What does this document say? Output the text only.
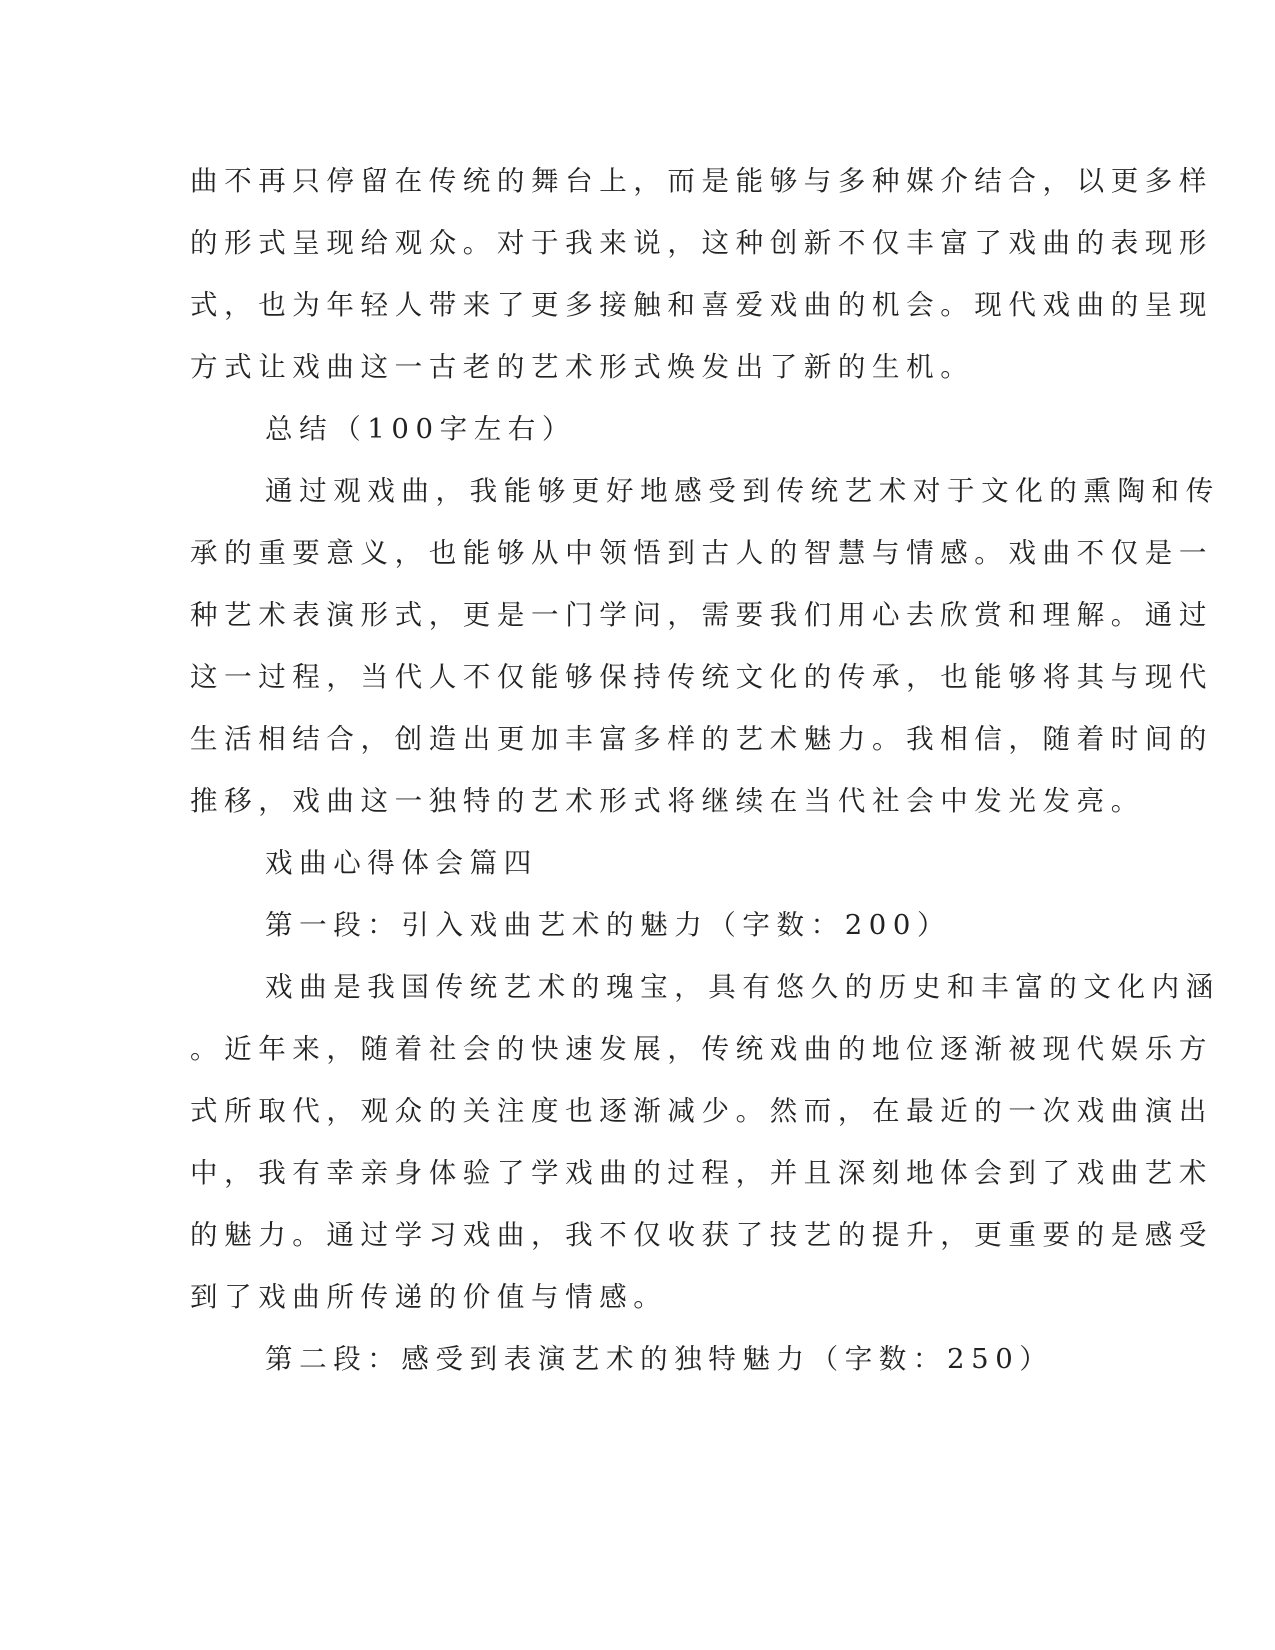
曲不再只停留在传统的舞台上，而是能够与多种媒介结合，以更多样
的形式呈现给观众。对于我来说，这种创新不仅丰富了戏曲的表现形
式，也为年轻人带来了更多接触和喜爱戏曲的机会。现代戏曲的呈现
方式让戏曲这一古老的艺术形式焕发出了新的生机。
总结（100字左右）
通过观戏曲，我能够更好地感受到传统艺术对于文化的熏陶和传
承的重要意义，也能够从中领悟到古人的智慧与情感。戏曲不仅是一
种艺术表演形式，更是一门学问，需要我们用心去欣赏和理解。通过
这一过程，当代人不仅能够保持传统文化的传承，也能够将其与现代
生活相结合，创造出更加丰富多样的艺术魅力。我相信，随着时间的
推移，戏曲这一独特的艺术形式将继续在当代社会中发光发亮。
戏曲心得体会篇四
第一段：引入戏曲艺术的魅力（字数：200）
戏曲是我国传统艺术的瑰宝，具有悠久的历史和丰富的文化内涵
。近年来，随着社会的快速发展，传统戏曲的地位逐渐被现代娱乐方
式所取代，观众的关注度也逐渐减少。然而，在最近的一次戏曲演出
中，我有幸亲身体验了学戏曲的过程，并且深刻地体会到了戏曲艺术
的魅力。通过学习戏曲，我不仅收获了技艺的提升，更重要的是感受
到了戏曲所传递的价值与情感。
第二段：感受到表演艺术的独特魅力（字数：250）
